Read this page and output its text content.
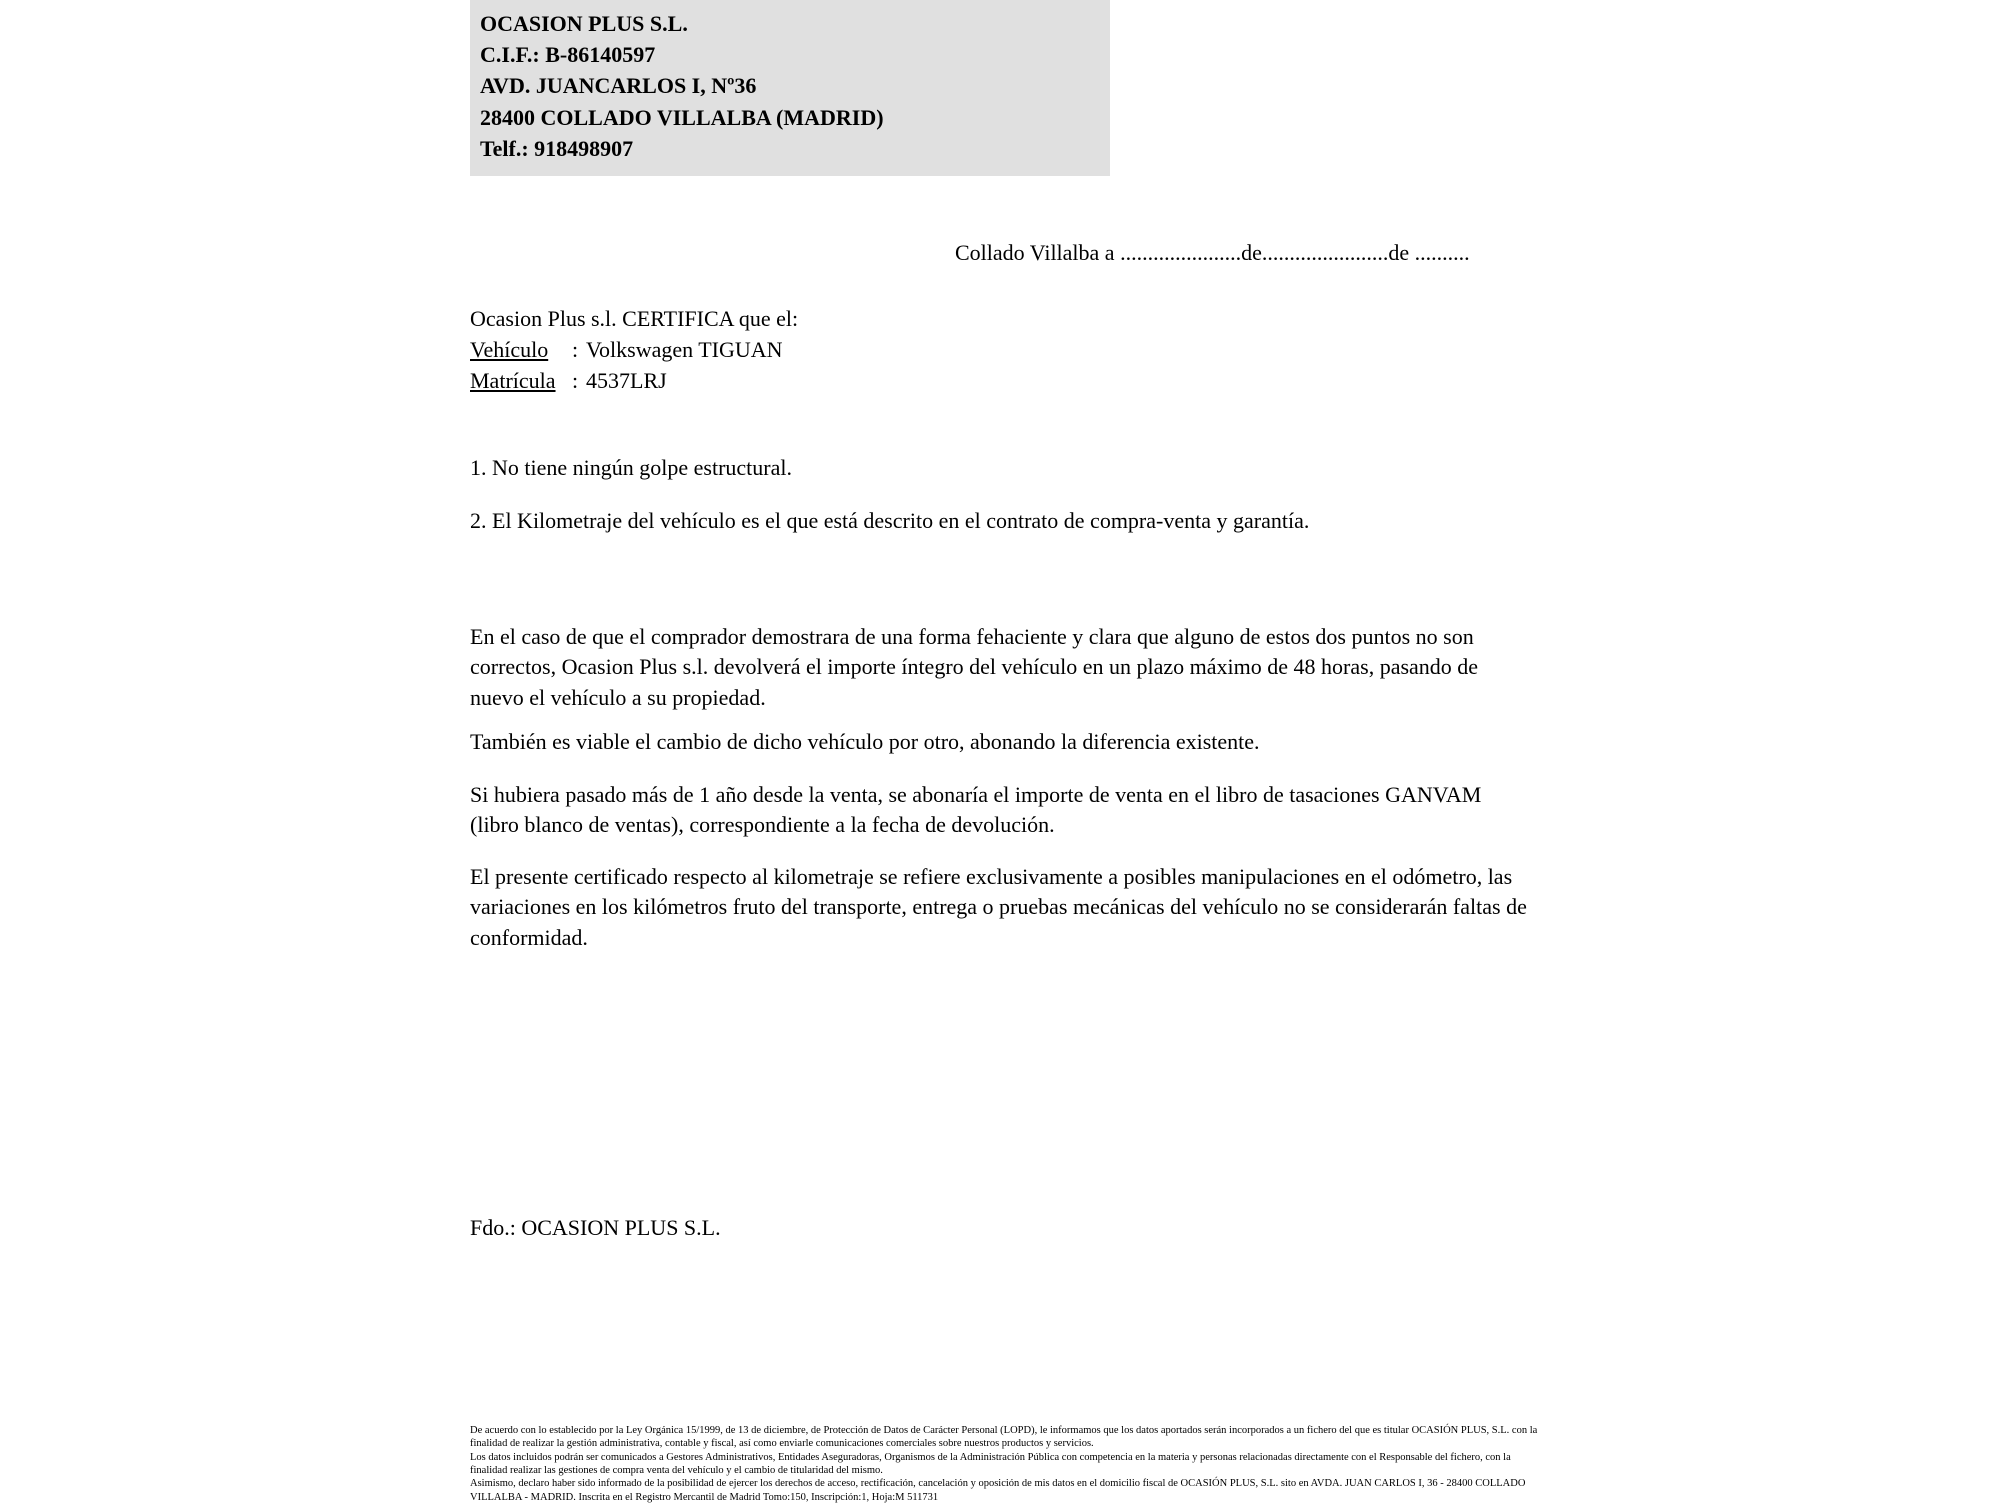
OCASION PLUS S.L.
C.I.F.: B-86140597
AVD. JUANCARLOS I, Nº36
28400 COLLADO VILLALBA (MADRID)
Telf.: 918498907
Collado Villalba a ......................de.......................de ..........
Ocasion Plus s.l. CERTIFICA que el:
Vehículo : Volkswagen TIGUAN
Matrícula : 4537LRJ
1. No tiene ningún golpe estructural.
2. El Kilometraje del vehículo es el que está descrito en el contrato de compra-venta y garantía.
En el caso de que el comprador demostrara de una forma fehaciente y clara que alguno de estos dos puntos no son correctos, Ocasion Plus s.l. devolverá el importe íntegro del vehículo en un plazo máximo de 48 horas, pasando de nuevo el vehículo a su propiedad.
También es viable el cambio de dicho vehículo por otro, abonando la diferencia existente.
Si hubiera pasado más de 1 año desde la venta, se abonaría el importe de venta en el libro de tasaciones GANVAM (libro blanco de ventas), correspondiente a la fecha de devolución.
El presente certificado respecto al kilometraje se refiere exclusivamente a posibles manipulaciones en el odómetro, las variaciones en los kilómetros fruto del transporte, entrega o pruebas mecánicas del vehículo no se considerarán faltas de conformidad.
Fdo.: OCASION PLUS S.L.

De acuerdo con lo establecido por la Ley Orgánica 15/1999, de 13 de diciembre, de Protección de Datos de Carácter Personal (LOPD), le informamos que los datos aportados serán incorporados a un fichero del que es titular OCASIÓN PLUS, S.L. con la finalidad de realizar la gestión administrativa, contable y fiscal, así como enviarle comunicaciones comerciales sobre nuestros productos y servicios.

Los datos incluidos podrán ser comunicados a Gestores Administrativos, Entidades Aseguradoras, Organismos de la Administración Pública con competencia en la materia y personas relacionadas directamente con el Responsable del fichero, con la finalidad realizar las gestiones de compra venta del vehículo y el cambio de titularidad del mismo.

Asimismo, declaro haber sido informado de la posibilidad de ejercer los derechos de acceso, rectificación, cancelación y oposición de mis datos en el domicilio fiscal de OCASIÓN PLUS, S.L. sito en AVDA. JUAN CARLOS I, 36 - 28400 COLLADO VILLALBA - MADRID. Inscrita en el Registro Mercantil de Madrid Tomo:150, Inscripción:1, Hoja:M 511731
